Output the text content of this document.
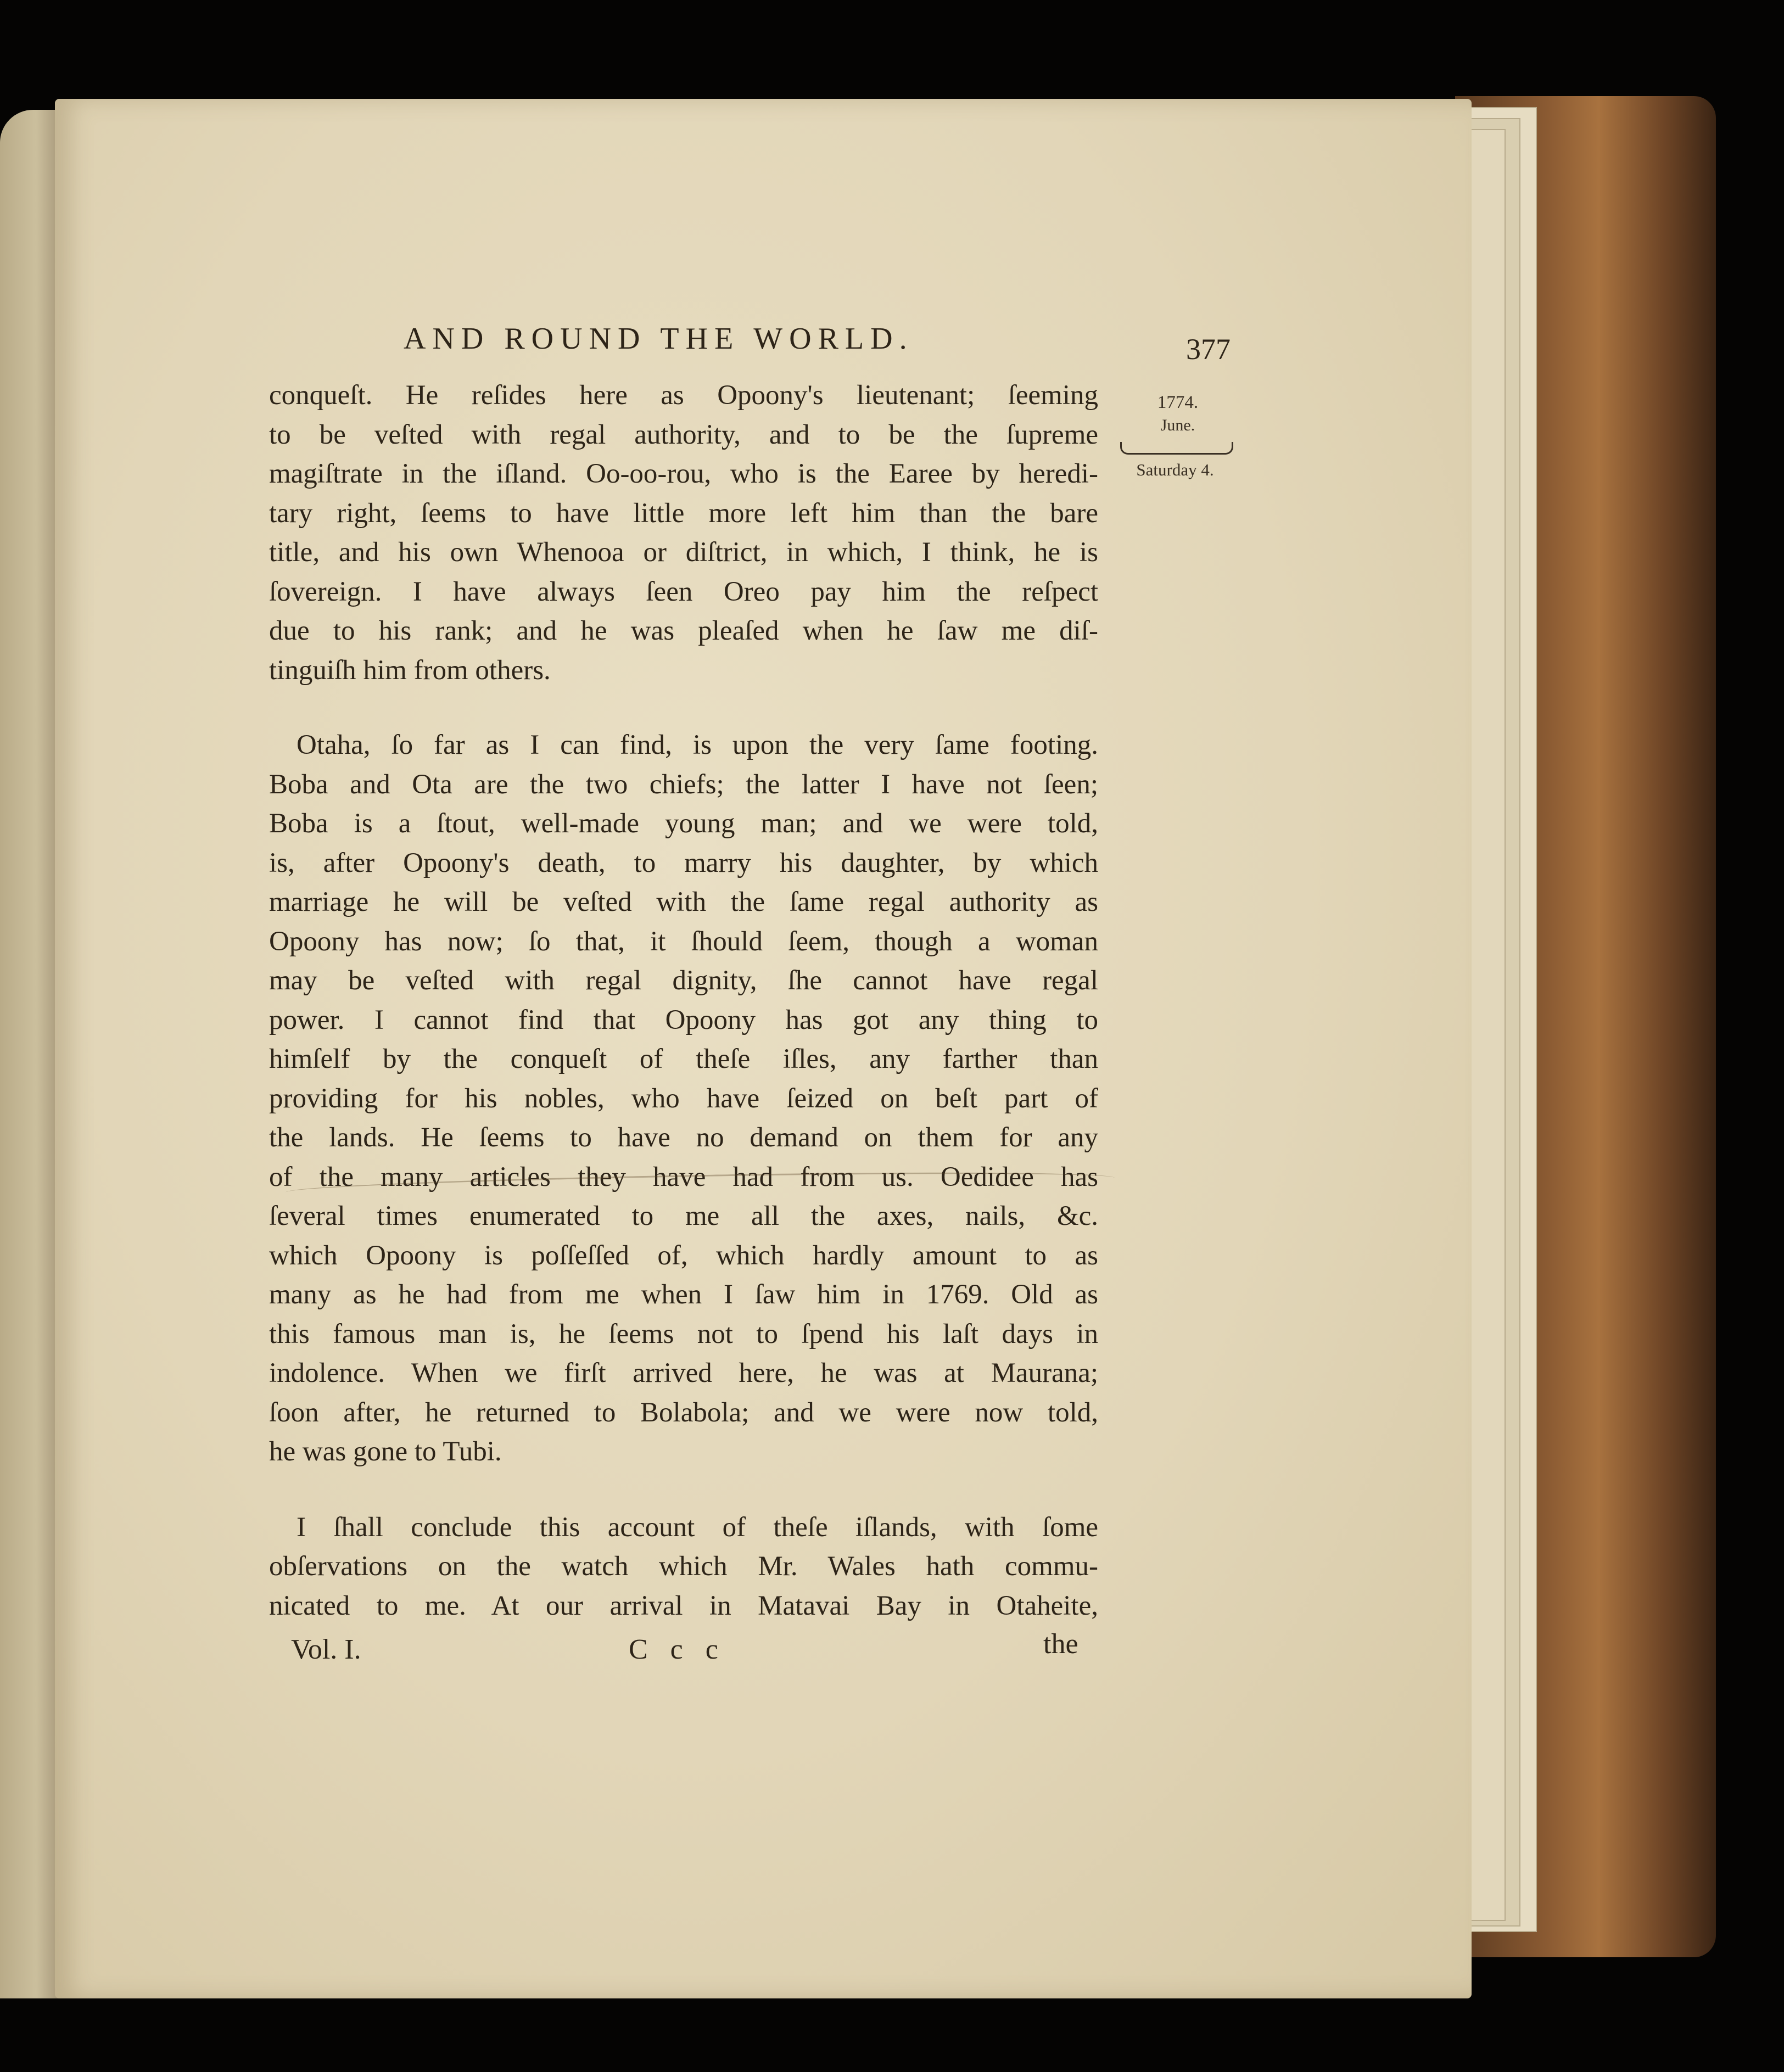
AND ROUND THE WORLD.	377
1774.
June.
Saturday 4.
conqueſt. He reſides here as Opoony's lieutenant; ſeeming
to be veſted with regal authority, and to be the ſupreme
magiſtrate in the iſland. Oo-oo-rou, who is the Earee by heredi-
tary right, ſeems to have little more left him than the bare
title, and his own Whenooa or diſtrict, in which, I think, he is
ſovereign. I have always ſeen Oreo pay him the reſpect
due to his rank; and he was pleaſed when he ſaw me diſ-
tinguiſh him from others.
Otaha, ſo far as I can find, is upon the very ſame footing.
Boba and Ota are the two chiefs; the latter I have not ſeen;
Boba is a ſtout, well-made young man; and we were told,
is, after Opoony's death, to marry his daughter, by which
marriage he will be veſted with the ſame regal authority as
Opoony has now; ſo that, it ſhould ſeem, though a woman
may be veſted with regal dignity, ſhe cannot have regal
power. I cannot find that Opoony has got any thing to
himſelf by the conqueſt of theſe iſles, any farther than
providing for his nobles, who have ſeized on beſt part of
the lands. He ſeems to have no demand on them for any
of the many articles they have had from us. Oedidee has
ſeveral times enumerated to me all the axes, nails, &c.
which Opoony is poſſeſſed of, which hardly amount to as
many as he had from me when I ſaw him in 1769. Old as
this famous man is, he ſeems not to ſpend his laſt days in
indolence. When we firſt arrived here, he was at Maurana;
ſoon after, he returned to Bolabola; and we were now told,
he was gone to Tubi.
I ſhall conclude this account of theſe iſlands, with ſome
obſervations on the watch which Mr. Wales hath commu-
nicated to me. At our arrival in Matavai Bay in Otaheite,
Vol. I.	C c c	the
